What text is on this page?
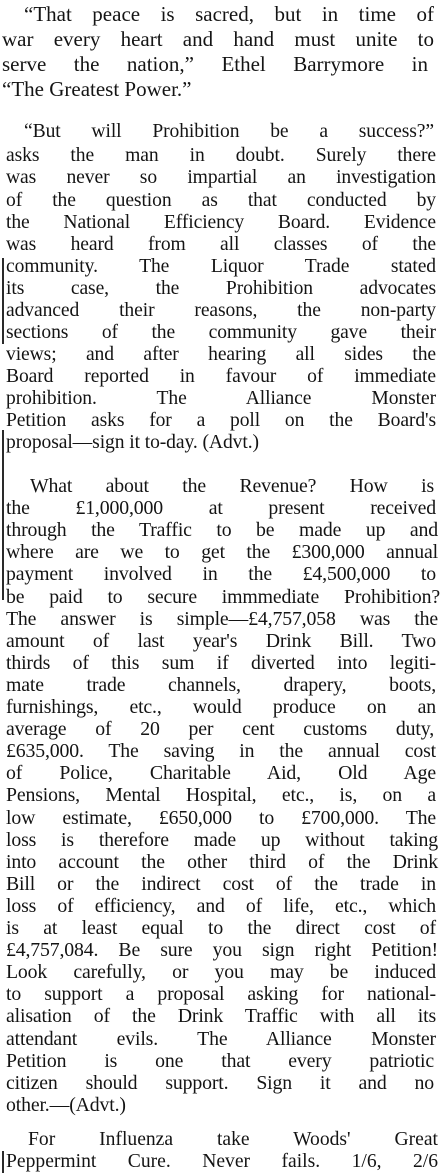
“That peace is sacred, but in time of
war every heart and hand must unite to
serve the nation,” Ethel Barrymore in
“The Greatest Power.”
“But will Prohibition be a success?”
asks the man in doubt. Surely there
was never so impartial an investigation
of the question as that conducted by
the National Efficiency Board. Evidence
was heard from all classes of the
community. The Liquor Trade stated
its case, the Prohibition advocates
advanced their reasons, the non-party
sections of the community gave their
views; and after hearing all sides the
Board reported in favour of immediate
prohibition. The Alliance Monster
Petition asks for a poll on the Board's
proposal—sign it to-day. (Advt.)
What about the Revenue? How is
the £1,000,000 at present received
through the Traffic to be made up and
where are we to get the £300,000 annual
payment involved in the £4,500,000 to
be paid to secure immmediate Prohibition?
The answer is simple—£4,757,058 was the
amount of last year's Drink Bill. Two
thirds of this sum if diverted into legiti-
mate trade channels, drapery, boots,
furnishings, etc., would produce on an
average of 20 per cent customs duty,
£635,000. The saving in the annual cost
of Police, Charitable Aid, Old Age
Pensions, Mental Hospital, etc., is, on a
low estimate, £650,000 to £700,000. The
loss is therefore made up without taking
into account the other third of the Drink
Bill or the indirect cost of the trade in
loss of efficiency, and of life, etc., which
is at least equal to the direct cost of
£4,757,084. Be sure you sign right Petition!
Look carefully, or you may be induced
to support a proposal asking for national-
alisation of the Drink Traffic with all its
attendant evils. The Alliance Monster
Petition is one that every patriotic
citizen should support. Sign it and no
other.—(Advt.)
For Influenza take Woods' Great
Peppermint Cure. Never fails. 1/6, 2/6
